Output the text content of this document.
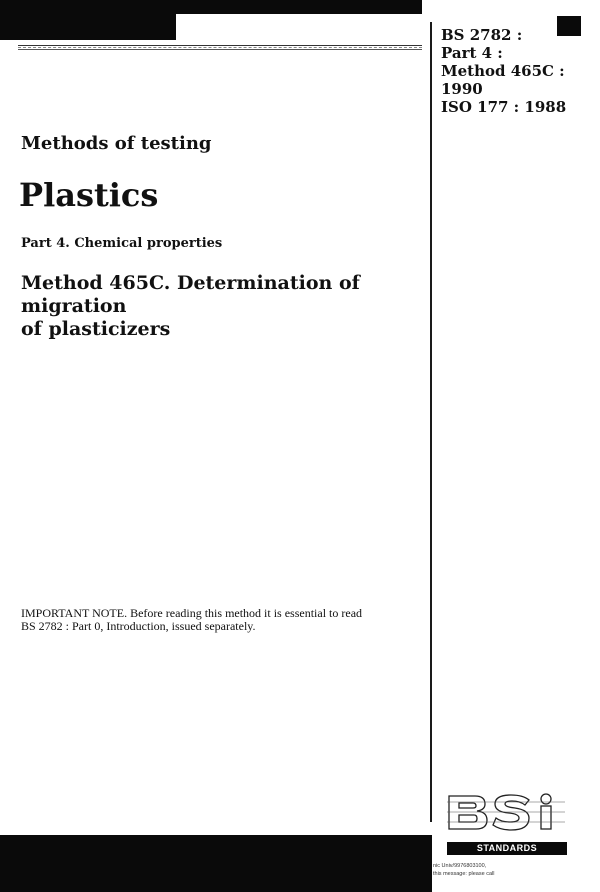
BS 2782 :
Part 4 :
Method 465C :
1990
ISO 177 : 1988
Methods of testing
Plastics
Part 4. Chemical properties
Method 465C. Determination of migration
of plasticizers
IMPORTANT NOTE. Before reading this method it is essential to read
BS 2782 : Part 0, Introduction, issued separately.
STANDARDS
nic Univ/9976803100,
this message: please call
